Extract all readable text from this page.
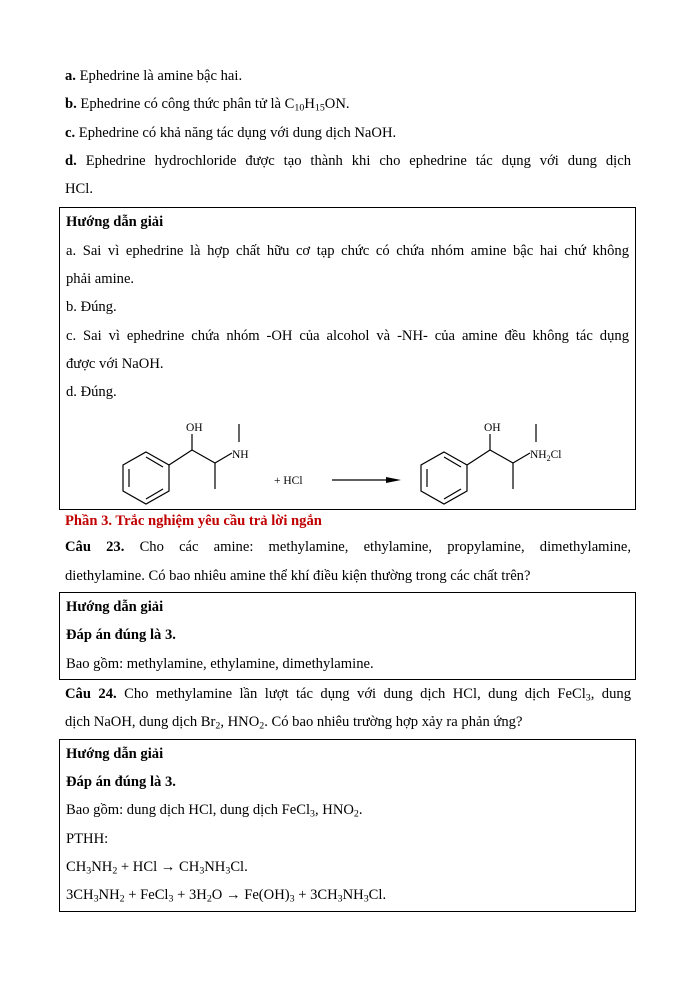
a. Ephedrine là amine bậc hai.
b. Ephedrine có công thức phân tử là $C_{10}H_{15}ON$.
c. Ephedrine có khả năng tác dụng với dung dịch NaOH.
d. Ephedrine hydrochloride được tạo thành khi cho ephedrine tác dụng với dung dịch
HCl.
Hướng dẫn giải
a. Sai vì ephedrine là hợp chất hữu cơ tạp chức có chứa nhóm amine bậc hai chứ không
phải amine.
b. Đúng.
c. Sai vì ephedrine chứa nhóm -OH của alcohol và -NH- của amine đều không tác dụng
được với NaOH.
d. Đúng.
OH
NH
+ HCl
OH
$NH_2Cl$
Phần 3. Trắc nghiệm yêu cầu trả lời ngắn
Câu 23. Cho các amine: methylamine, ethylamine, propylamine, dimethylamine,
diethylamine. Có bao nhiêu amine thể khí điều kiện thường trong các chất trên?
Hướng dẫn giải
Đáp án đúng là 3.
Bao gồm: methylamine, ethylamine, dimethylamine.
Câu 24. Cho methylamine lần lượt tác dụng với dung dịch HCl, dung dịch FeCl$_3$, dung
dịch NaOH, dung dịch $Br_2$, $HNO_2$. Có bao nhiêu trường hợp xảy ra phản ứng?
Hướng dẫn giải
Đáp án đúng là 3.
Bao gồm: dung dịch HCl, dung dịch FeCl$_3$, $HNO_2$.
PTHH:
$CH_3NH_2$ + HCl → $CH_3NH_3Cl$.
$3CH_3NH_2$ + FeCl$_3$ + $3H_2O \to Fe(OH)_3 + 3CH_3NH_3Cl$.
